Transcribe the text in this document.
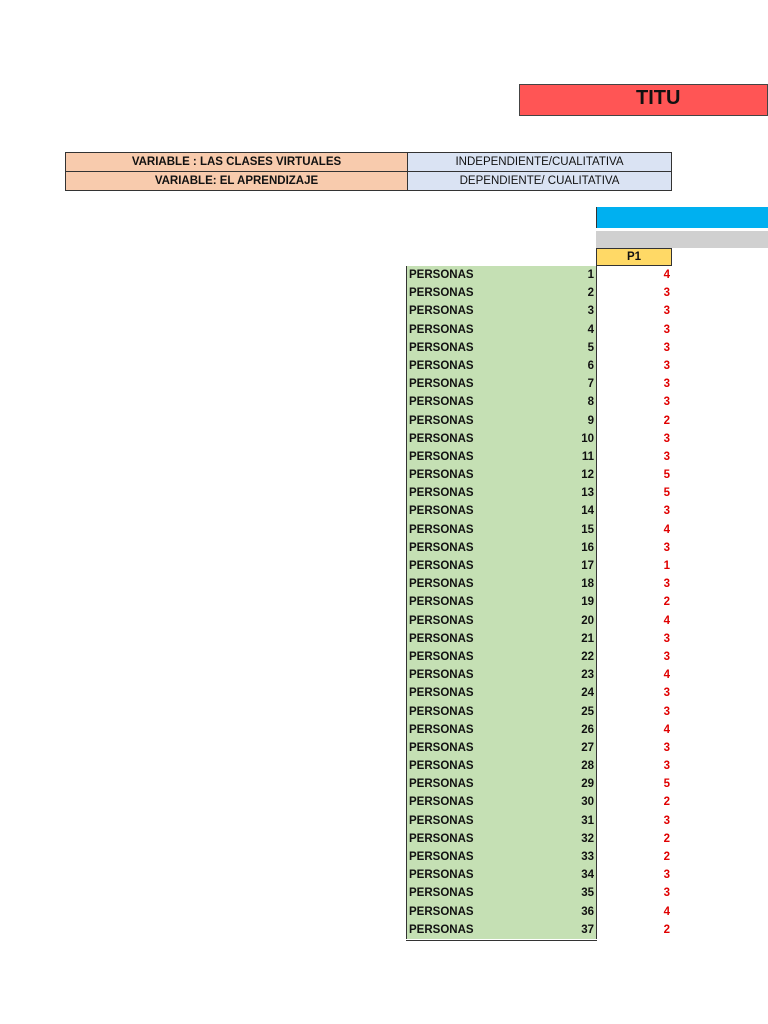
TITU
VARIABLE : LAS CLASES VIRTUALES	INDEPENDIENTE/CUALITATIVA
VARIABLE: EL APRENDIZAJE	DEPENDIENTE/ CUALITATIVA
P1
PERSONAS	1	4
PERSONAS	2	3
PERSONAS	3	3
PERSONAS	4	3
PERSONAS	5	3
PERSONAS	6	3
PERSONAS	7	3
PERSONAS	8	3
PERSONAS	9	2
PERSONAS	10	3
PERSONAS	11	3
PERSONAS	12	5
PERSONAS	13	5
PERSONAS	14	3
PERSONAS	15	4
PERSONAS	16	3
PERSONAS	17	1
PERSONAS	18	3
PERSONAS	19	2
PERSONAS	20	4
PERSONAS	21	3
PERSONAS	22	3
PERSONAS	23	4
PERSONAS	24	3
PERSONAS	25	3
PERSONAS	26	4
PERSONAS	27	3
PERSONAS	28	3
PERSONAS	29	5
PERSONAS	30	2
PERSONAS	31	3
PERSONAS	32	2
PERSONAS	33	2
PERSONAS	34	3
PERSONAS	35	3
PERSONAS	36	4
PERSONAS	37	2
